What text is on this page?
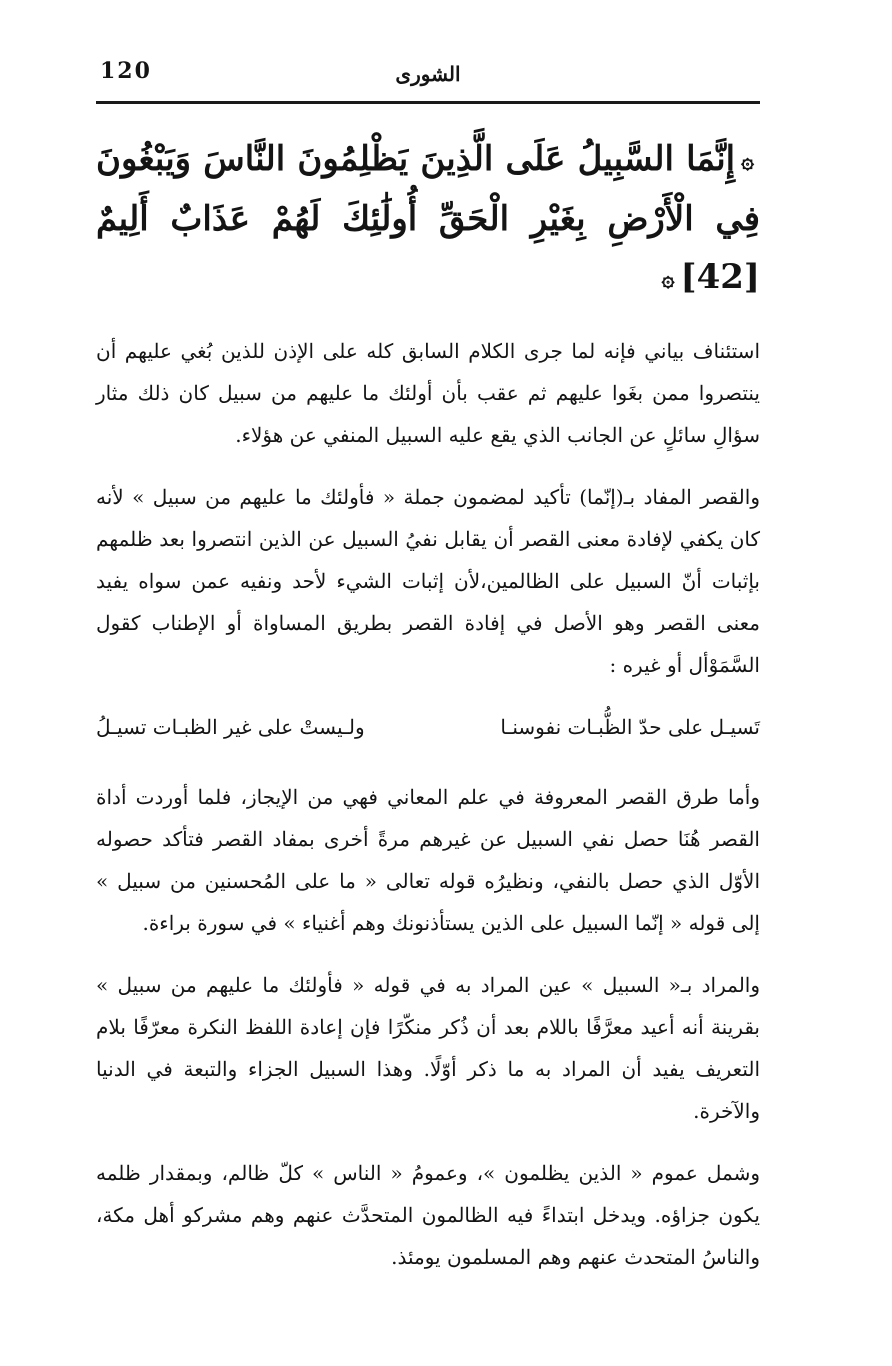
120	الشورى
۞إِنَّمَا السَّبِيلُ عَلَى الَّذِينَ يَظْلِمُونَ النَّاسَ وَيَبْغُونَ فِي الْأَرْضِ بِغَيْرِ الْحَقِّ أُولَٰئِكَ لَهُمْ عَذَابٌ أَلِيمٌ [42]۞

استئناف بياني فإنه لما جرى الكلام السابق كله على الإذن للذين بُغي عليهم أن ينتصروا ممن بغَوا عليهم ثم عقب بأن أولئك ما عليهم من سبيل كان ذلك مثار سؤالِ سائلٍ عن الجانب الذي يقع عليه السبيل المنفي عن هؤلاء.

والقصر المفاد بـ(إنّما) تأكيد لمضمون جملة « فأولئك ما عليهم من سبيل » لأنه كان يكفي لإفادة معنى القصر أن يقابل نفيُ السبيل عن الذين انتصروا بعد ظلمهم بإثبات أنّ السبيل على الظالمين،لأن إثبات الشيء لأحد ونفيه عمن سواه يفيد معنى القصر وهو الأصل في إفادة القصر بطريق المساواة أو الإطناب كقول السَّمَوْأل أو غيره :

تَسيـل على حدّ الظُّبـات نفوسنـا
ولـيستْ على غير الظبـات تسيـلُ

وأما طرق القصر المعروفة في علم المعاني فهي من الإيجاز، فلما أوردت أداة القصر هُنَا حصل نفي السبيل عن غيرهم مرةً أخرى بمفاد القصر فتأكد حصوله الأوّل الذي حصل بالنفي، ونظيرُه قوله تعالى « ما على المُحسنين من سبيل » إلى قوله « إنّما السبيل على الذين يستأذنونك وهم أغنياء » في سورة براءة.

والمراد بـ« السبيل » عين المراد به في قوله « فأولئك ما عليهم من سبيل » بقرينة أنه أعيد معرَّفًا باللام بعد أن ذُكر منكّرًا فإن إعادة اللفظ النكرة معرّفًا بلام التعريف يفيد أن المراد به ما ذكر أوّلًا. وهذا السبيل الجزاء والتبعة في الدنيا والآخرة.

وشمل عموم « الذين يظلمون »، وعمومُ « الناس » كلّ ظالم، وبمقدار ظلمه يكون جزاؤه. ويدخل ابتداءً فيه الظالمون المتحدَّث عنهم وهم مشركو أهل مكة، والناسُ المتحدث عنهم وهم المسلمون يومئذ.
